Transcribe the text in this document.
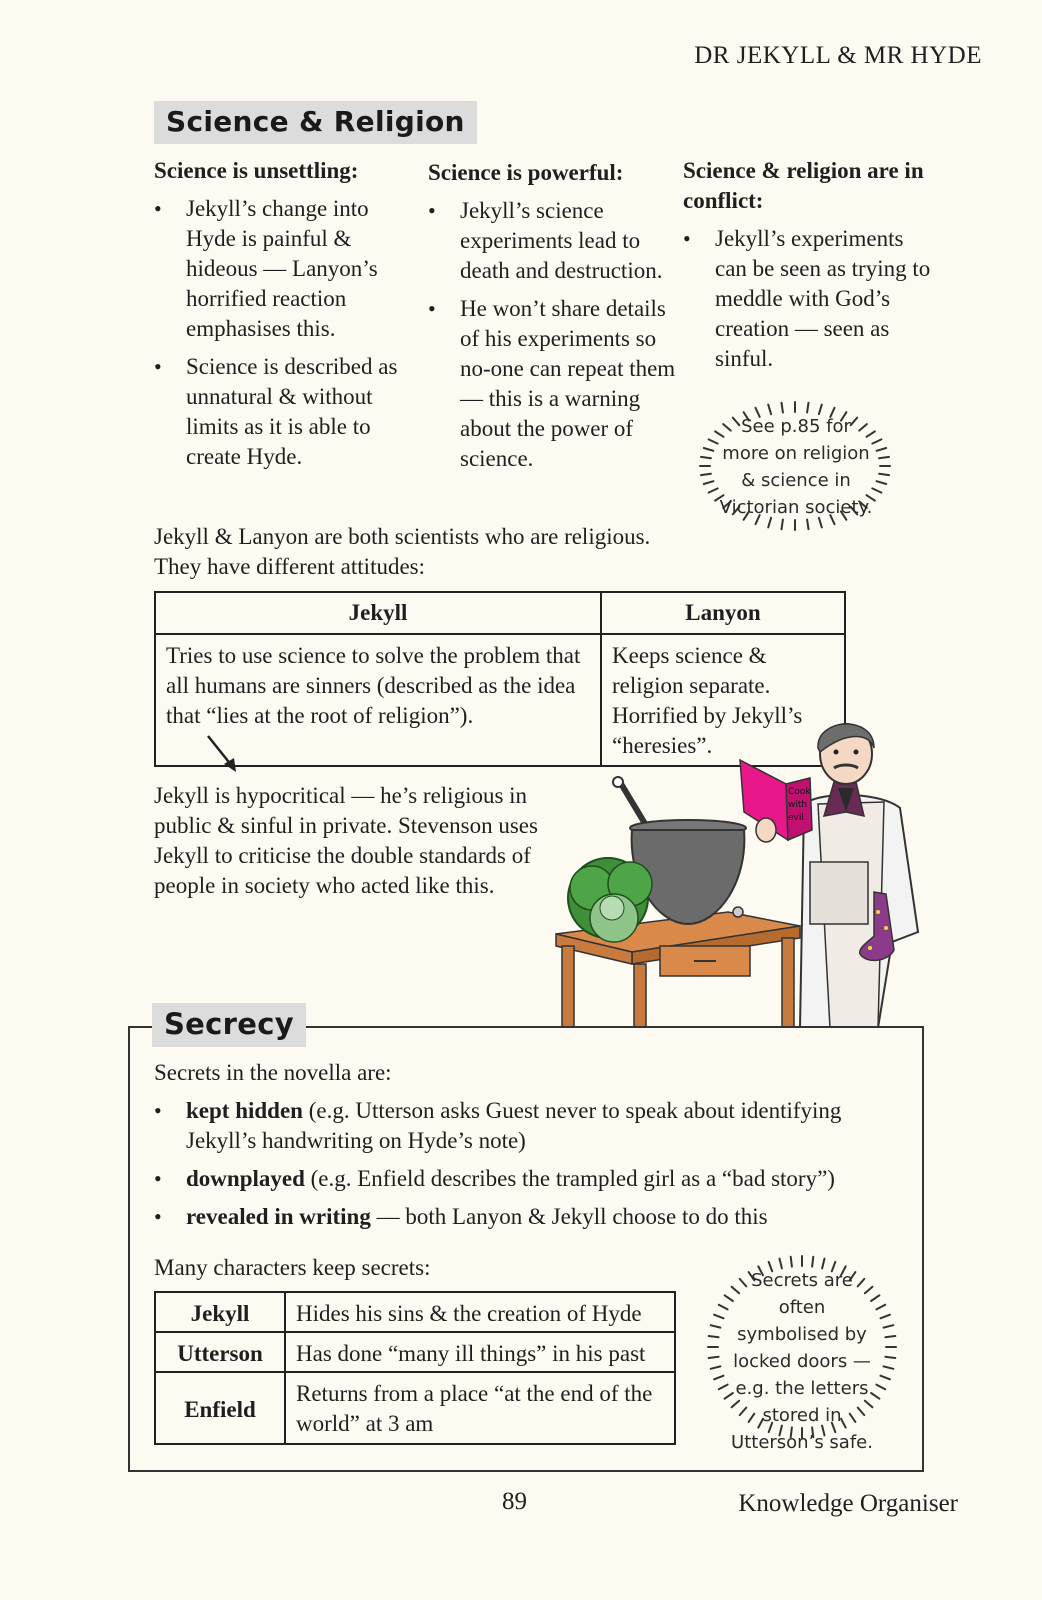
DR JEKYLL & MR HYDE
Science & Religion
Science is unsettling:
• Jekyll’s change into Hyde is painful & hideous — Lanyon’s horrified reaction emphasises this.
• Science is described as unnatural & without limits as it is able to create Hyde.
Science is powerful:
• Jekyll’s science experiments lead to death and destruction.
• He won’t share details of his experiments so no-one can repeat them — this is a warning about the power of science.
Science & religion are in conflict:
• Jekyll’s experiments can be seen as trying to meddle with God’s creation — seen as sinful.
See p.85 for more on religion & science in Victorian society.
Jekyll & Lanyon are both scientists who are religious. They have different attitudes:
Jekyll	Lanyon
Tries to use science to solve the problem that all humans are sinners (described as the idea that “lies at the root of religion”).	Keeps science & religion separate. Horrified by Jekyll’s “heresies”.
Jekyll is hypocritical — he’s religious in public & sinful in private. Stevenson uses Jekyll to criticise the double standards of people in society who acted like this.
Cook with evil
Secrecy
Secrets in the novella are:
• kept hidden (e.g. Utterson asks Guest never to speak about identifying Jekyll’s handwriting on Hyde’s note)
• downplayed (e.g. Enfield describes the trampled girl as a “bad story”)
• revealed in writing — both Lanyon & Jekyll choose to do this
Many characters keep secrets:
Jekyll	Hides his sins & the creation of Hyde
Utterson	Has done “many ill things” in his past
Enfield	Returns from a place “at the end of the world” at 3 am
Secrets are often symbolised by locked doors — e.g. the letters stored in Utterson’s safe.
89	Knowledge Organiser
